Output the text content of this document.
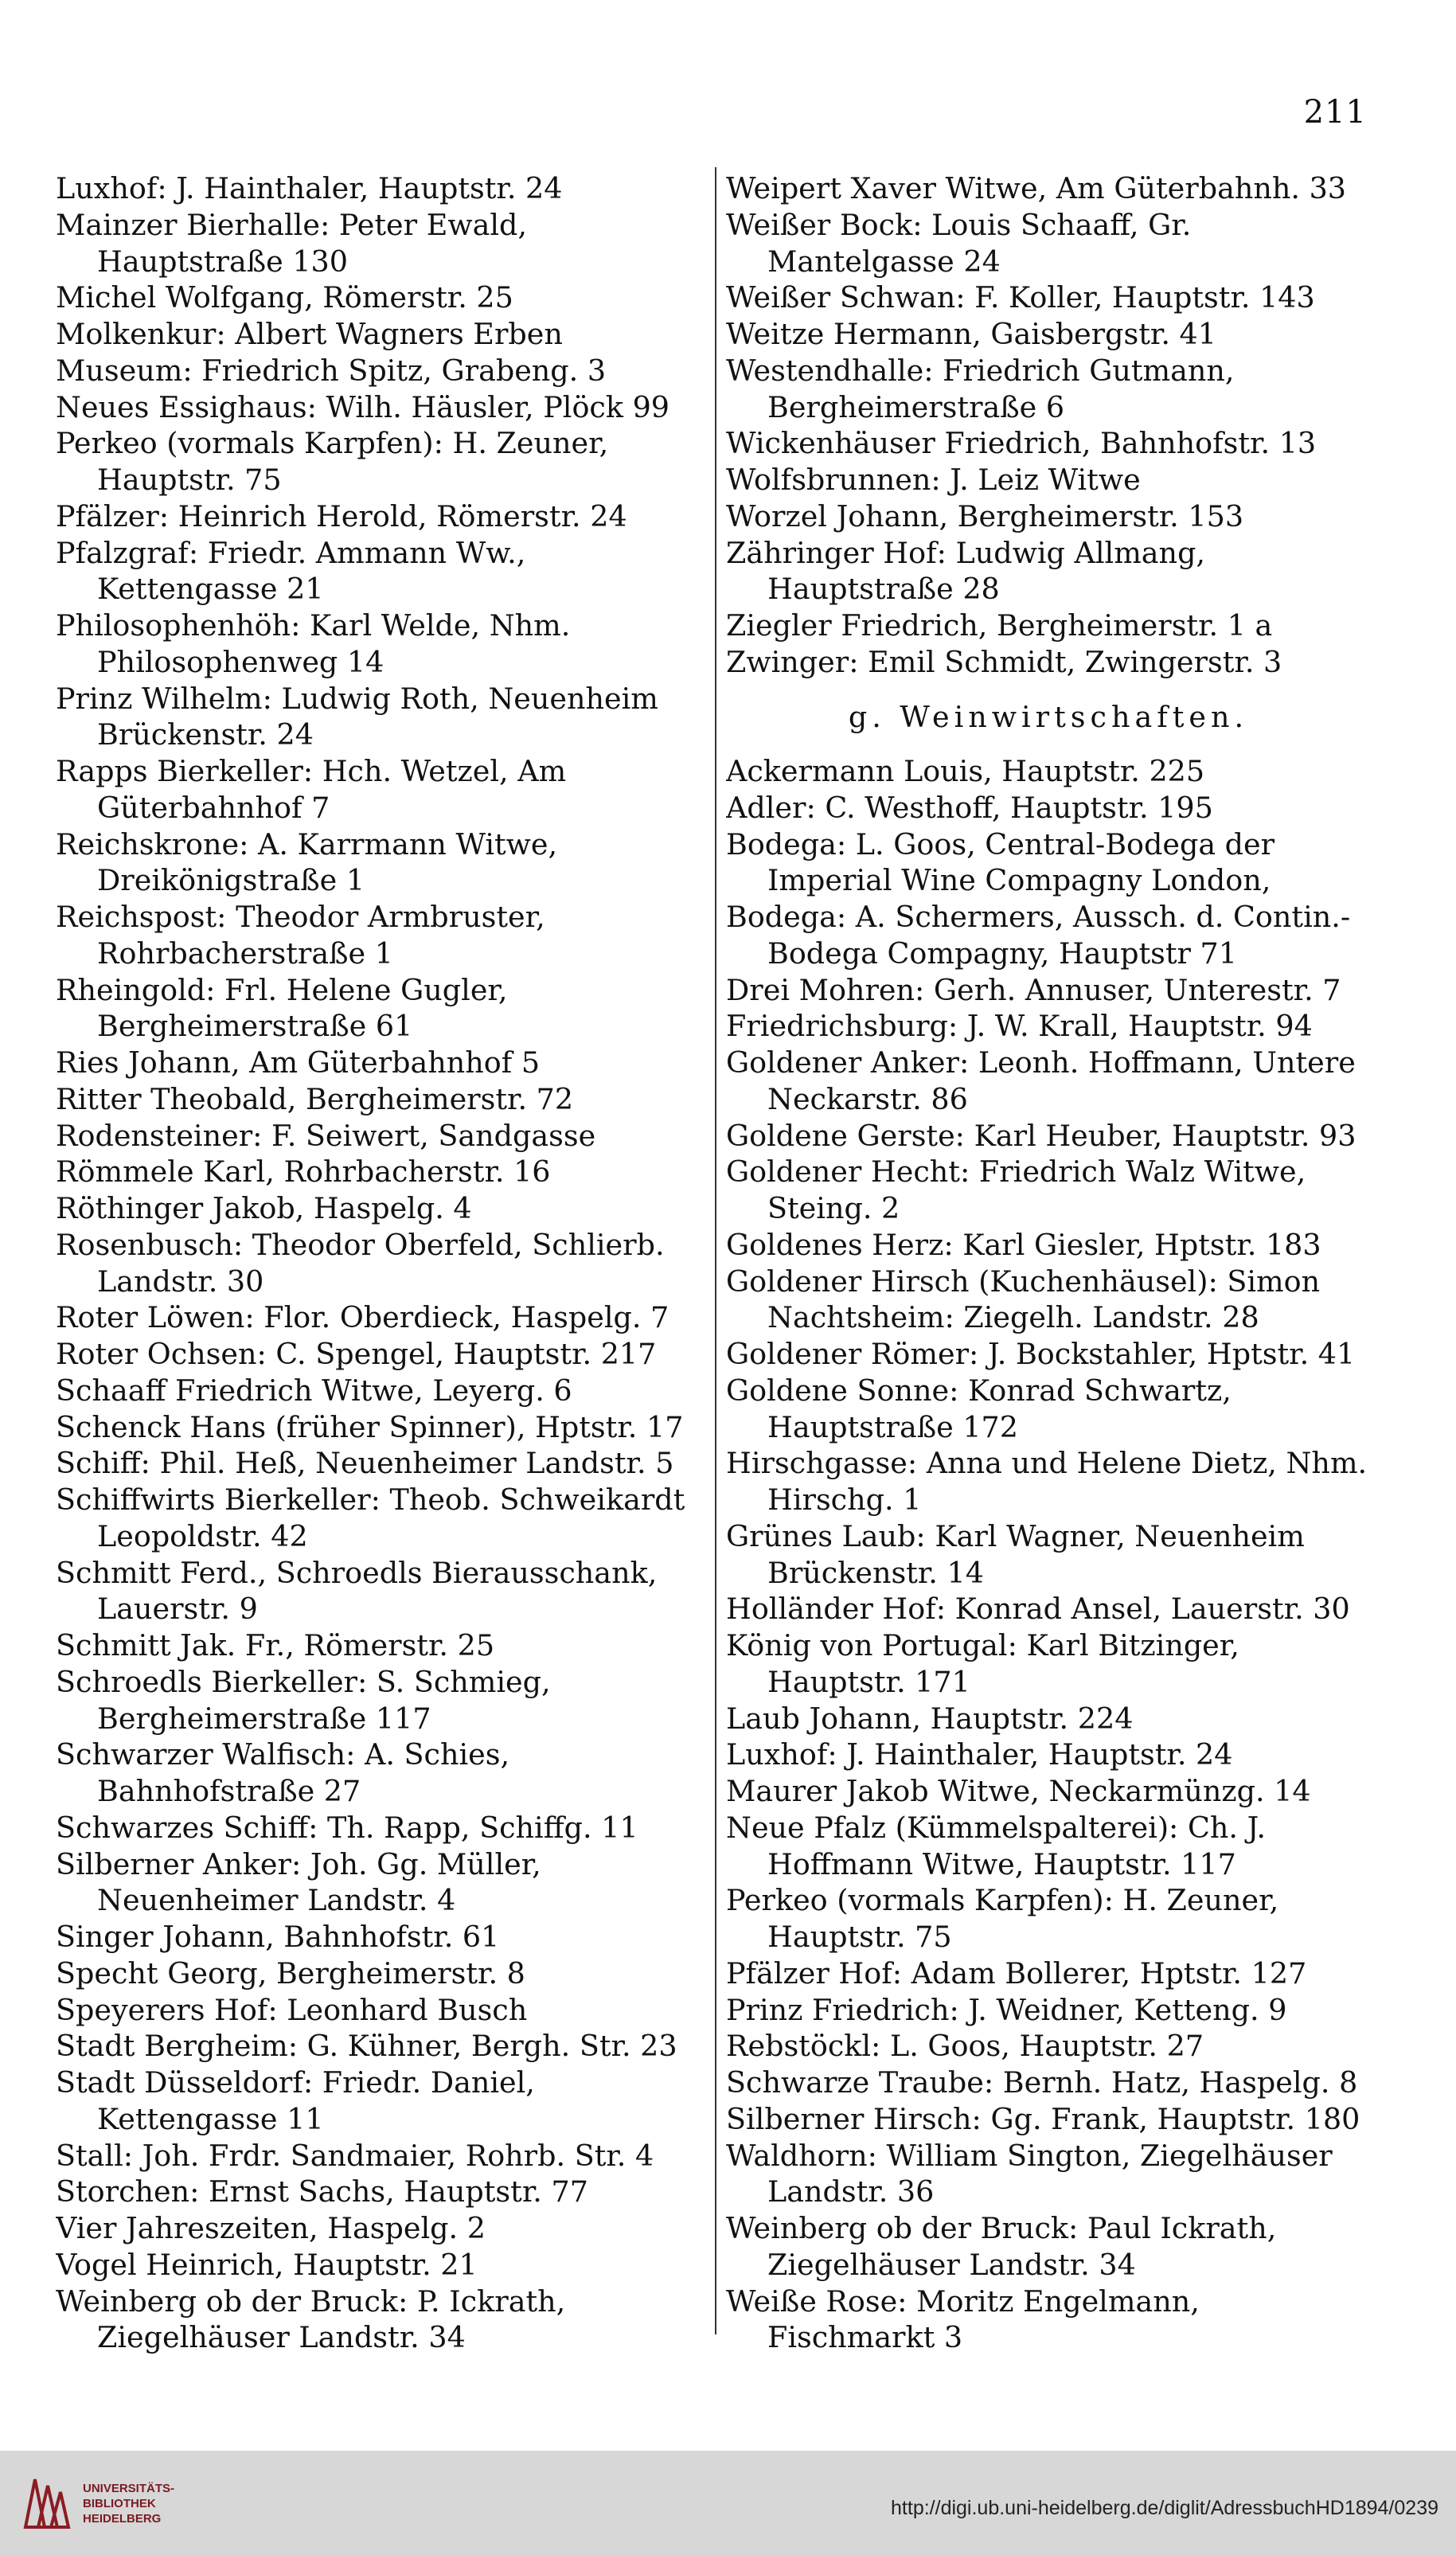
211
Luxhof: J. Hainthaler, Hauptstr. 24
Mainzer Bierhalle: Peter Ewald, Hauptstraße 130
Michel Wolfgang, Römerstr. 25
Molkenkur: Albert Wagners Erben
Museum: Friedrich Spitz, Grabeng. 3
Neues Essighaus: Wilh. Häusler, Plöck 99
Perkeo (vormals Karpfen): H. Zeuner, Hauptstr. 75
Pfälzer: Heinrich Herold, Römerstr. 24
Pfalzgraf: Friedr. Ammann Ww., Kettengasse 21
Philosophenhöh: Karl Welde, Nhm. Philosophenweg 14
Prinz Wilhelm: Ludwig Roth, Neuenheim Brückenstr. 24
Rapps Bierkeller: Hch. Wetzel, Am Güterbahnhof 7
Reichskrone: A. Karrmann Witwe, Dreikönigstraße 1
Reichspost: Theodor Armbruster, Rohrbacherstraße 1
Rheingold: Frl. Helene Gugler, Bergheimerstraße 61
Ries Johann, Am Güterbahnhof 5
Ritter Theobald, Bergheimerstr. 72
Rodensteiner: F. Seiwert, Sandgasse
Römmele Karl, Rohrbacherstr. 16
Röthinger Jakob, Haspelg. 4
Rosenbusch: Theodor Oberfeld, Schlierb. Landstr. 30
Roter Löwen: Flor. Oberdieck, Haspelg. 7
Roter Ochsen: C. Spengel, Hauptstr. 217
Schaaff Friedrich Witwe, Leyerg. 6
Schenck Hans (früher Spinner), Hptstr. 17
Schiff: Phil. Heß, Neuenheimer Landstr. 5
Schiffwirts Bierkeller: Theob. Schweikardt Leopoldstr. 42
Schmitt Ferd., Schroedls Bierausschank, Lauerstr. 9
Schmitt Jak. Fr., Römerstr. 25
Schroedls Bierkeller: S. Schmieg, Bergheimerstraße 117
Schwarzer Walfisch: A. Schies, Bahnhofstraße 27
Schwarzes Schiff: Th. Rapp, Schiffg. 11
Silberner Anker: Joh. Gg. Müller, Neuenheimer Landstr. 4
Singer Johann, Bahnhofstr. 61
Specht Georg, Bergheimerstr. 8
Speyerers Hof: Leonhard Busch
Stadt Bergheim: G. Kühner, Bergh. Str. 23
Stadt Düsseldorf: Friedr. Daniel, Kettengasse 11
Stall: Joh. Frdr. Sandmaier, Rohrb. Str. 4
Storchen: Ernst Sachs, Hauptstr. 77
Vier Jahreszeiten, Haspelg. 2
Vogel Heinrich, Hauptstr. 21
Weinberg ob der Bruck: P. Ickrath, Ziegelhäuser Landstr. 34
Weipert Xaver Witwe, Am Güterbahnh. 33
Weißer Bock: Louis Schaaff, Gr. Mantelgasse 24
Weißer Schwan: F. Koller, Hauptstr. 143
Weitze Hermann, Gaisbergstr. 41
Westendhalle: Friedrich Gutmann, Bergheimerstraße 6
Wickenhäuser Friedrich, Bahnhofstr. 13
Wolfsbrunnen: J. Leiz Witwe
Worzel Johann, Bergheimerstr. 153
Zähringer Hof: Ludwig Allmang, Hauptstraße 28
Ziegler Friedrich, Bergheimerstr. 1 a
Zwinger: Emil Schmidt, Zwingerstr. 3
g. Weinwirtschaften.
Ackermann Louis, Hauptstr. 225
Adler: C. Westhoff, Hauptstr. 195
Bodega: L. Goos, Central-Bodega der Imperial Wine Compagny London,
Bodega: A. Schermers, Aussch. d. Contin.-Bodega Compagny, Hauptstr 71
Drei Mohren: Gerh. Annuser, Unterestr. 7
Friedrichsburg: J. W. Krall, Hauptstr. 94
Goldener Anker: Leonh. Hoffmann, Untere Neckarstr. 86
Goldene Gerste: Karl Heuber, Hauptstr. 93
Goldener Hecht: Friedrich Walz Witwe, Steing. 2
Goldenes Herz: Karl Giesler, Hptstr. 183
Goldener Hirsch (Kuchenhäusel): Simon Nachtsheim: Ziegelh. Landstr. 28
Goldener Römer: J. Bockstahler, Hptstr. 41
Goldene Sonne: Konrad Schwartz, Hauptstraße 172
Hirschgasse: Anna und Helene Dietz, Nhm. Hirschg. 1
Grünes Laub: Karl Wagner, Neuenheim Brückenstr. 14
Holländer Hof: Konrad Ansel, Lauerstr. 30
König von Portugal: Karl Bitzinger, Hauptstr. 171
Laub Johann, Hauptstr. 224
Luxhof: J. Hainthaler, Hauptstr. 24
Maurer Jakob Witwe, Neckarmünzg. 14
Neue Pfalz (Kümmelspalterei): Ch. J. Hoffmann Witwe, Hauptstr. 117
Perkeo (vormals Karpfen): H. Zeuner, Hauptstr. 75
Pfälzer Hof: Adam Bollerer, Hptstr. 127
Prinz Friedrich: J. Weidner, Ketteng. 9
Rebstöckl: L. Goos, Hauptstr. 27
Schwarze Traube: Bernh. Hatz, Haspelg. 8
Silberner Hirsch: Gg. Frank, Hauptstr. 180
Waldhorn: William Sington, Ziegelhäuser Landstr. 36
Weinberg ob der Bruck: Paul Ickrath, Ziegelhäuser Landstr. 34
Weiße Rose: Moritz Engelmann, Fischmarkt 3
UNIVERSITÄTS-
BIBLIOTHEK
HEIDELBERG	http://digi.ub.uni-heidelberg.de/diglit/AdressbuchHD1894/0239
